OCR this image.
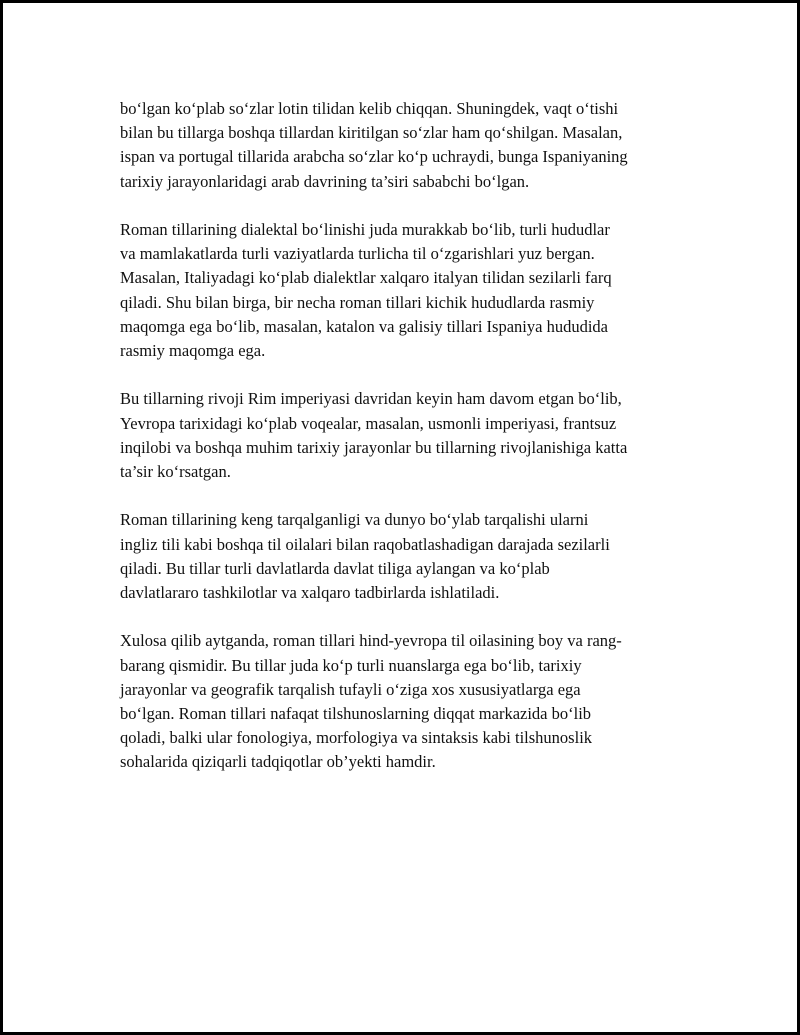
bo‘lgan ko‘plab so‘zlar lotin tilidan kelib chiqqan. Shuningdek, vaqt o‘tishi
bilan bu tillarga boshqa tillardan kiritilgan so‘zlar ham qo‘shilgan. Masalan,
ispan va portugal tillarida arabcha so‘zlar ko‘p uchraydi, bunga Ispaniyaning
tarixiy jarayonlaridagi arab davrining ta’siri sababchi bo‘lgan.

Roman tillarining dialektal bo‘linishi juda murakkab bo‘lib, turli hududlar
va mamlakatlarda turli vaziyatlarda turlicha til o‘zgarishlari yuz bergan.
Masalan, Italiyadagi ko‘plab dialektlar xalqaro italyan tilidan sezilarli farq
qiladi. Shu bilan birga, bir necha roman tillari kichik hududlarda rasmiy
maqomga ega bo‘lib, masalan, katalon va galisiy tillari Ispaniya hududida
rasmiy maqomga ega.

Bu tillarning rivoji Rim imperiyasi davridan keyin ham davom etgan bo‘lib,
Yevropa tarixidagi ko‘plab voqealar, masalan, usmonli imperiyasi, frantsuz
inqilobi va boshqa muhim tarixiy jarayonlar bu tillarning rivojlanishiga katta
ta’sir ko‘rsatgan.

Roman tillarining keng tarqalganligi va dunyo bo‘ylab tarqalishi ularni
ingliz tili kabi boshqa til oilalari bilan raqobatlashadigan darajada sezilarli
qiladi. Bu tillar turli davlatlarda davlat tiliga aylangan va ko‘plab
davlatlararo tashkilotlar va xalqaro tadbirlarda ishlatiladi.

Xulosa qilib aytganda, roman tillari hind-yevropa til oilasining boy va rang-
barang qismidir. Bu tillar juda ko‘p turli nuanslarga ega bo‘lib, tarixiy
jarayonlar va geografik tarqalish tufayli o‘ziga xos xususiyatlarga ega
bo‘lgan. Roman tillari nafaqat tilshunoslarning diqqat markazida bo‘lib
qoladi, balki ular fonologiya, morfologiya va sintaksis kabi tilshunoslik
sohalarida qiziqarli tadqiqotlar ob’yekti hamdir.
